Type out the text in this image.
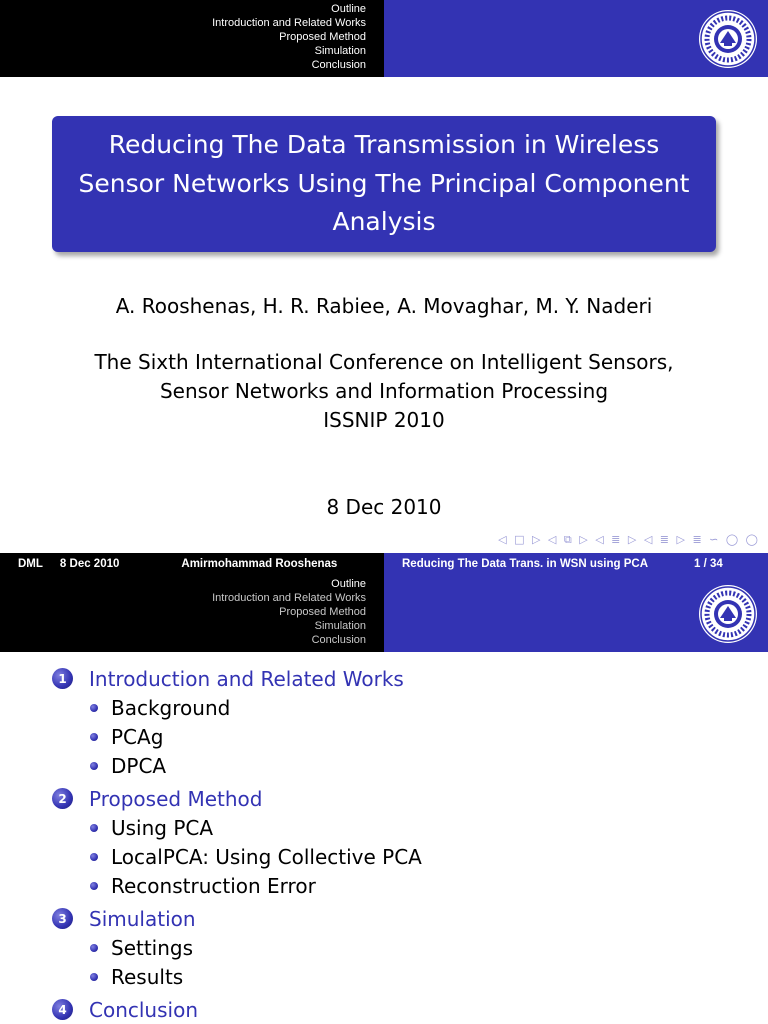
Outline
Introduction and Related Works
Proposed Method
Simulation
Conclusion
Reducing The Data Transmission in Wireless Sensor Networks Using The Principal Component Analysis
A. Rooshenas, H. R. Rabiee, A. Movaghar, M. Y. Naderi
The Sixth International Conference on Intelligent Sensors,
Sensor Networks and Information Processing
ISSNIP 2010
8 Dec 2010
◁ □ ▷ ◁ ⧉ ▷ ◁ ≣ ▷ ◁ ≣ ▷ ≣ ∽ ◯ ◯
DML 8 Dec 2010	Amirmohammad Rooshenas	Reducing The Data Trans. in WSN using PCA	1 / 34
Outline
Introduction and Related Works
Proposed Method
Simulation
Conclusion
1	Introduction and Related Works
Background
PCAg
DPCA
2	Proposed Method
Using PCA
LocalPCA: Using Collective PCA
Reconstruction Error
3	Simulation
Settings
Results
4	Conclusion
